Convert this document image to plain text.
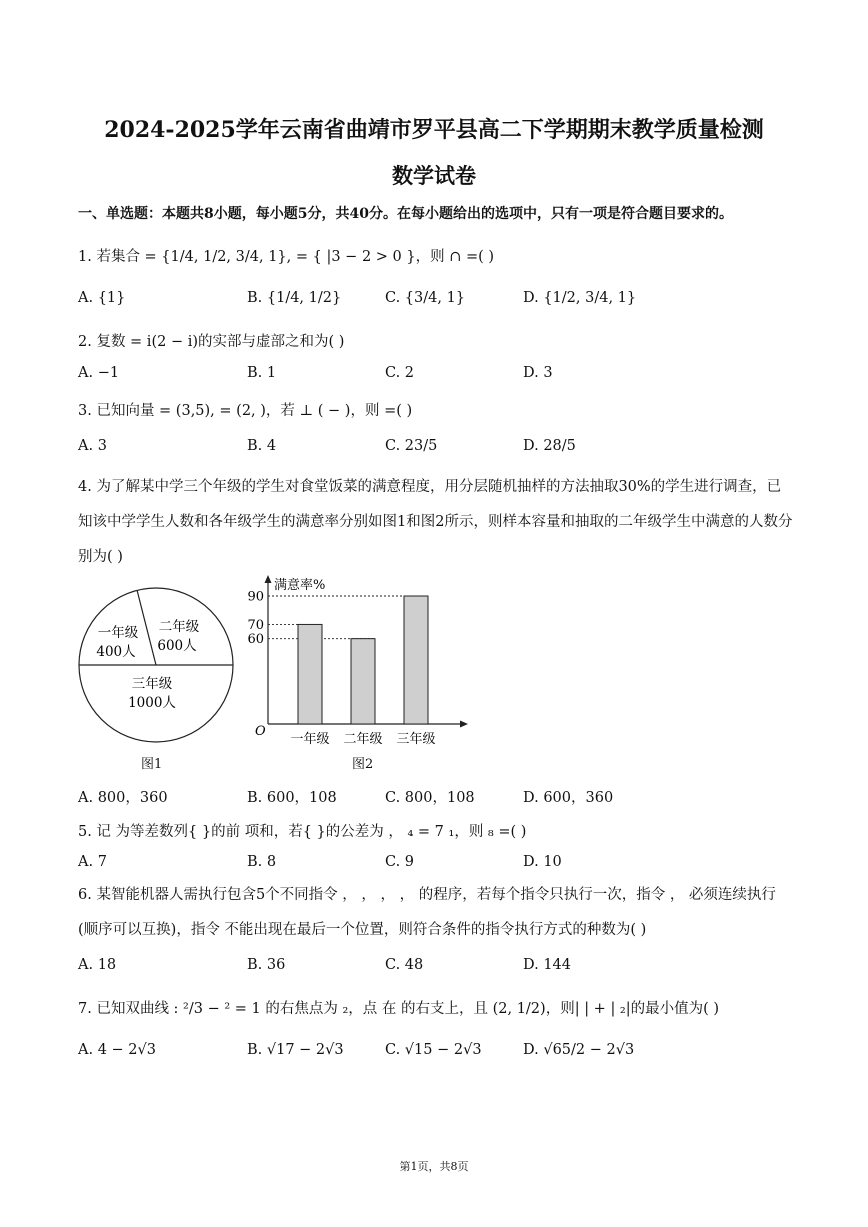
2024-2025学年云南省曲靖市罗平县高二下学期期末教学质量检测
数学试卷
一、单选题：本题共8小题，每小题5分，共40分。在每小题给出的选项中，只有一项是符合题目要求的。
1. 若集合 = {1/4, 1/2, 3/4, 1}, = { |3 − 2 > 0 }，则 ∩ =( )
A. {1}	B. {1/4, 1/2}	C. {3/4, 1}	D. {1/2, 3/4, 1}
2. 复数 = i(2 − i)的实部与虚部之和为( )
A. −1	B. 1	C. 2	D. 3
3. 已知向量 = (3,5), = (2, )，若 ⊥ ( − )，则 =( )
A. 3	B. 4	C. 23/5	D. 28/5
4. 为了解某中学三个年级的学生对食堂饭菜的满意程度，用分层随机抽样的方法抽取30%的学生进行调查，已知该中学学生人数和各年级学生的满意率分别如图1和图2所示，则样本容量和抽取的二年级学生中满意的人数分别为( )
一年级
400人
二年级
600人
三年级
1000人
图1
满意率%
O
60
70
90
一年级 二年级 三年级
图2
A. 800，360	B. 600，108	C. 800，108	D. 600，360
5. 记 为等差数列{ }的前 项和，若{ }的公差为 ， ₄ = 7 ₁，则 ₈ =( )
A. 7	B. 8	C. 9	D. 10
6. 某智能机器人需执行包含5个不同指令 ， ， ， ， 的程序，若每个指令只执行一次，指令 ， 必须连续执行(顺序可以互换)，指令 不能出现在最后一个位置，则符合条件的指令执行方式的种数为( )
A. 18	B. 36	C. 48	D. 144
7. 已知双曲线 : ²/3 − ² = 1 的右焦点为 ₂，点 在 的右支上，且 (2, 1/2)，则| | + | ₂|的最小值为( )
A. 4 − 2√3	B. √17 − 2√3	C. √15 − 2√3	D. √65/2 − 2√3
第1页，共8页
